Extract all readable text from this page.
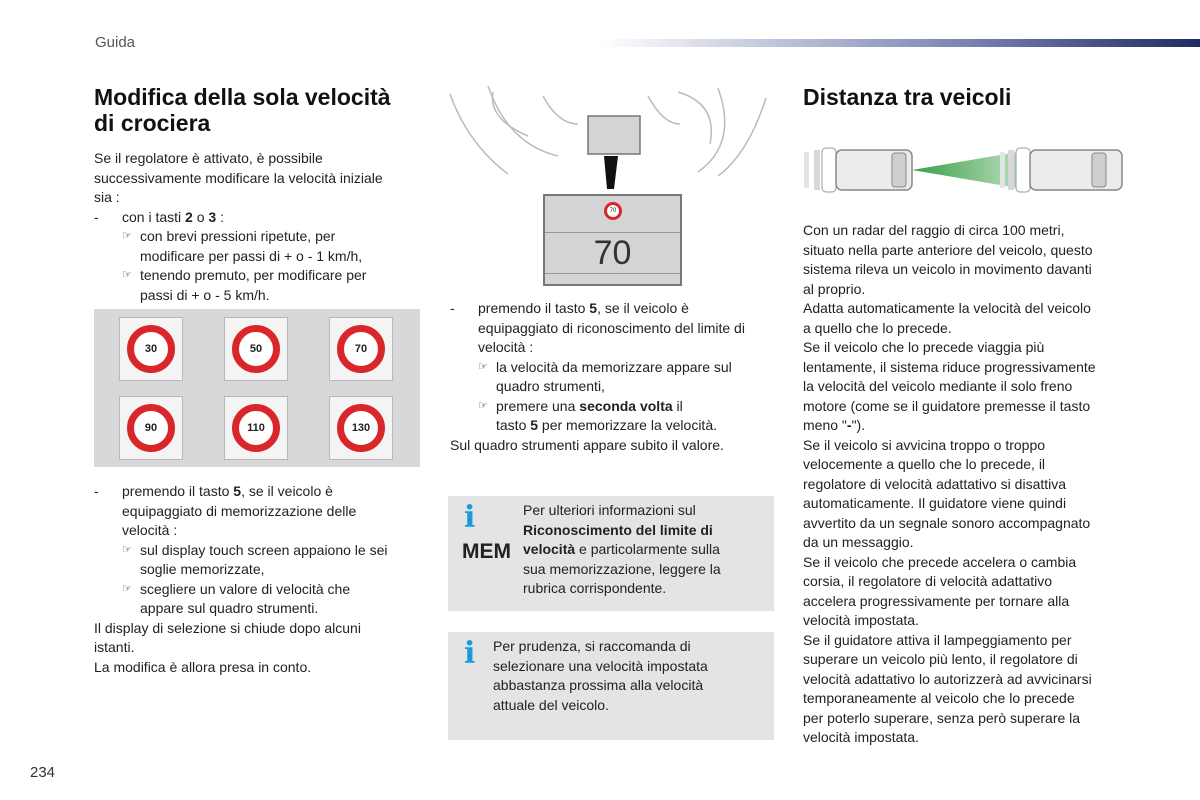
Guida
Modifica della sola velocità
di crociera

Se il regolatore è attivato, è possibile

successivamente modificare la velocità iniziale

sia :

- con i tasti 2 o 3 :
☞ con brevi pressioni ripetute, per
modificare per passi di + o - 1 km/h,
☞ tenendo premuto, per modificare per
passi di + o - 5 km/h.
30	50	70
90	110	130
- premendo il tasto 5, se il veicolo è
equipaggiato di memorizzazione delle
velocità :
☞ sul display touch screen appaiono le sei
soglie memorizzate,
☞ scegliere un valore di velocità che
appare sul quadro strumenti.

Il display di selezione si chiude dopo alcuni

istanti.

La modifica è allora presa in conto.

70
70
- premendo il tasto 5, se il veicolo è
equipaggiato di riconoscimento del limite di
velocità :
☞ la velocità da memorizzare appare sul
quadro strumenti,
☞ premere una seconda volta il
tasto 5 per memorizzare la velocità.

Sul quadro strumenti appare subito il valore.

i
MEM

Per ulteriori informazioni sul

Riconoscimento del limite di

velocità e particolarmente sulla

sua memorizzazione, leggere la

rubrica corrispondente.

i Per prudenza, si raccomanda di

selezionare una velocità impostata

abbastanza prossima alla velocità

attuale del veicolo.

Distanza tra veicoli

Con un radar del raggio di circa 100 metri,

situato nella parte anteriore del veicolo, questo

sistema rileva un veicolo in movimento davanti

al proprio.

Adatta automaticamente la velocità del veicolo

a quello che lo precede.

Se il veicolo che lo precede viaggia più

lentamente, il sistema riduce progressivamente

la velocità del veicolo mediante il solo freno

motore (come se il guidatore premesse il tasto

meno "-").

Se il veicolo si avvicina troppo o troppo

velocemente a quello che lo precede, il

regolatore di velocità adattativo si disattiva

automaticamente. Il guidatore viene quindi

avvertito da un segnale sonoro accompagnato

da un messaggio.

Se il veicolo che precede accelera o cambia

corsia, il regolatore di velocità adattativo

accelera progressivamente per tornare alla

velocità impostata.

Se il guidatore attiva il lampeggiamento per

superare un veicolo più lento, il regolatore di

velocità adattativo lo autorizzerà ad avvicinarsi

temporaneamente al veicolo che lo precede

per poterlo superare, senza però superare la

velocità impostata.

234
